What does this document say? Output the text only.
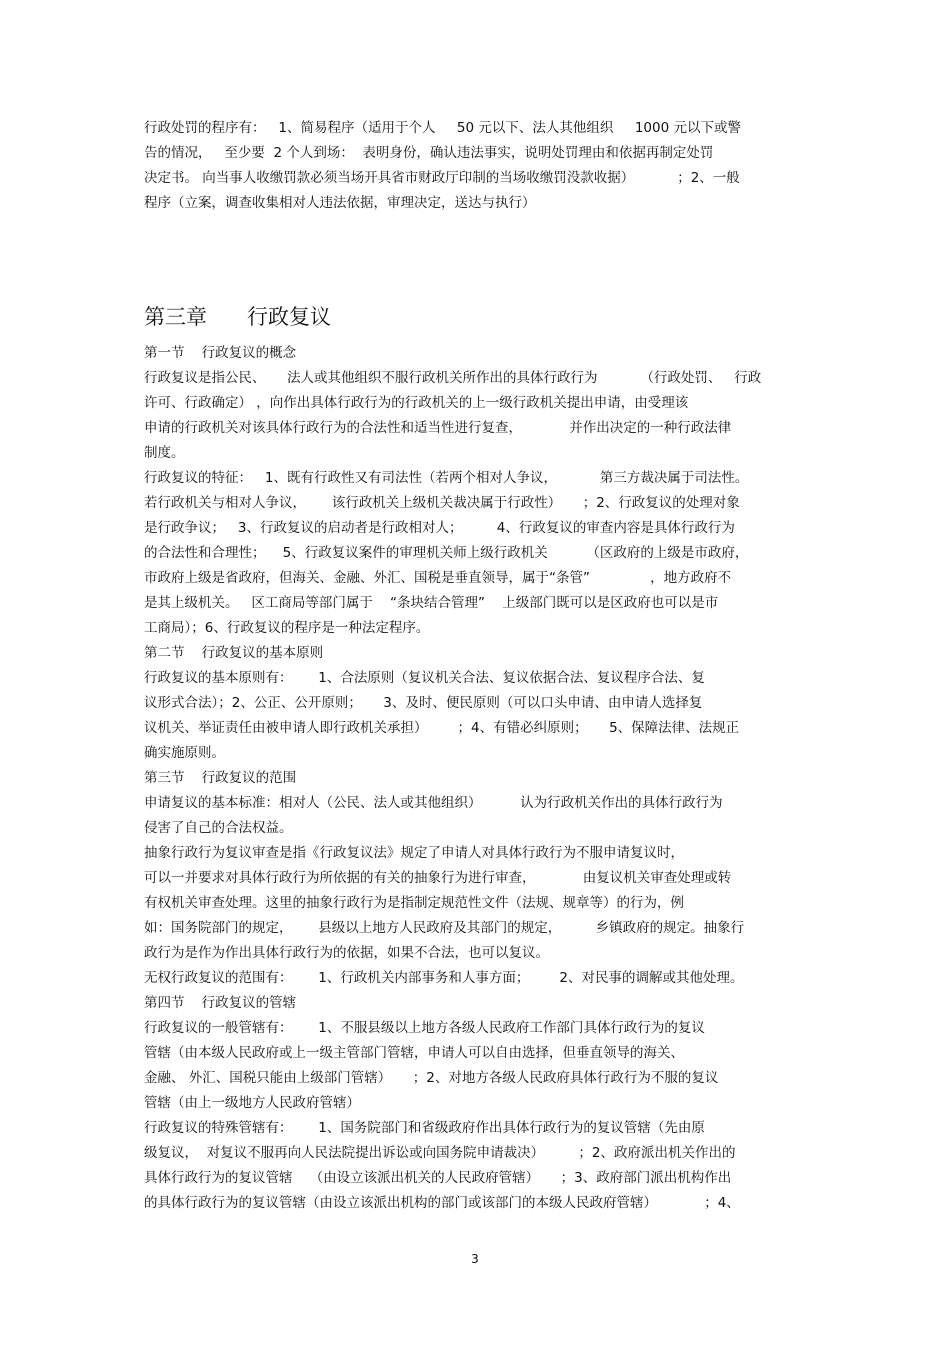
行政处罚的程序有：   1、简易程序（适用于个人     50 元以下、法人其他组织     1000 元以下或警
告的情况，   至少要  2 个人到场：  表明身份，确认违法事实，说明处罚理由和依据再制定处罚
决定书。 向当事人收缴罚款必须当场开具省市财政厅印制的当场收缴罚没款收据）          ；2、一般
程序（立案，调查收集相对人违法依据，审理决定，送达与执行）
第三章      行政复议
第一节    行政复议的概念
行政复议是指公民、     法人或其他组织不服行政机关所作出的具体行政行为          （行政处罚、   行政
许可、行政确定） ，向作出具体行政行为的行政机关的上一级行政机关提出申请，由受理该
申请的行政机关对该具体行政行为的合法性和适当性进行复查，           并作出决定的一种行政法律
制度。
行政复议的特征：   1、既有行政性又有司法性（若两个相对人争议，          第三方裁决属于司法性。
若行政机关与相对人争议，      该行政机关上级机关裁决属于行政性）     ；2、行政复议的处理对象
是行政争议；   3、行政复议的启动者是行政相对人；        4、行政复议的审查内容是具体行政行为
的合法性和合理性；    5、行政复议案件的审理机关师上级行政机关         （区政府的上级是市政府，
市政府上级是省政府，但海关、金融、外汇、国税是垂直领导，属于“条管”              ，地方政府不
是其上级机关。   区工商局等部门属于    “条块结合管理”    上级部门既可以是区政府也可以是市
工商局）；6、行政复议的程序是一种法定程序。
第二节    行政复议的基本原则
行政复议的基本原则有：      1、合法原则（复议机关合法、复议依据合法、复议程序合法、复
议形式合法）；2、公正、公开原则；     3、及时、便民原则（可以口头申请、由申请人选择复
议机关、举证责任由被申请人即行政机关承担）       ；4、有错必纠原则；     5、保障法律、法规正
确实施原则。
第三节    行政复议的范围
申请复议的基本标准：相对人（公民、法人或其他组织）         认为行政机关作出的具体行政行为
侵害了自己的合法权益。
抽象行政行为复议审查是指《行政复议法》规定了申请人对具体行政行为不服申请复议时，
可以一并要求对具体行政行为所依据的有关的抽象行为进行审查，           由复议机关审查处理或转
有权机关审查处理。这里的抽象行政行为是指制定规范性文件（法规、规章等）的行为，例
如：国务院部门的规定，      县级以上地方人民政府及其部门的规定，        乡镇政府的规定。抽象行
政行为是作为作出具体行政行为的依据，如果不合法，也可以复议。
无权行政复议的范围有：      1、行政机关内部事务和人事方面；       2、对民事的调解或其他处理。
第四节    行政复议的管辖
行政复议的一般管辖有：      1、不服县级以上地方各级人民政府工作部门具体行政行为的复议
管辖（由本级人民政府或上一级主管部门管辖，申请人可以自由选择，但垂直领导的海关、
金融、 外汇、国税只能由上级部门管辖）     ；2、对地方各级人民政府具体行政行为不服的复议
管辖（由上一级地方人民政府管辖）
行政复议的特殊管辖有：      1、国务院部门和省级政府作出具体行政行为的复议管辖（先由原
级复议，  对复议不服再向人民法院提出诉讼或向国务院申请裁决）        ；2、政府派出机关作出的
具体行政行为的复议管辖    （由设立该派出机关的人民政府管辖）     ；3、政府部门派出机构作出
的具体行政行为的复议管辖（由设立该派出机构的部门或该部门的本级人民政府管辖）           ；4、
3
